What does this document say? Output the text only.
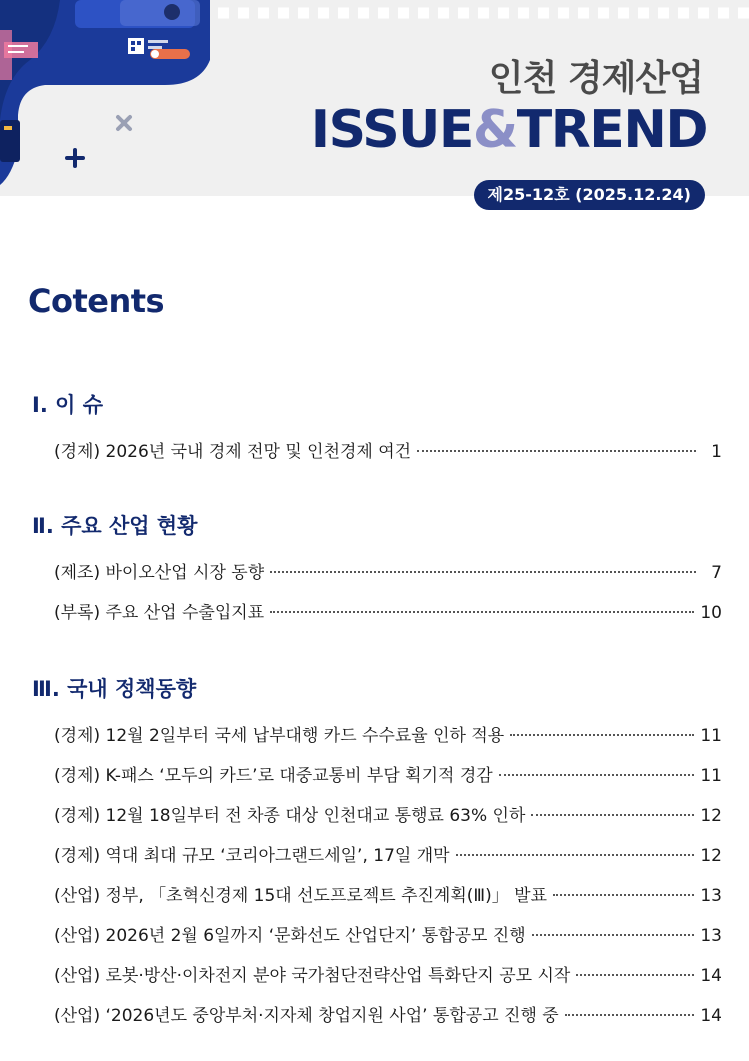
인천 경제산업
ISSUE&TREND
제25-12호 (2025.12.24)
Cotents
Ⅰ. 이 슈
(경제) 2026년 국내 경제 전망 및 인천경제 여건	1
Ⅱ. 주요 산업 현황
(제조) 바이오산업 시장 동향	7
(부록) 주요 산업 수출입지표	10
Ⅲ. 국내 정책동향
(경제) 12월 2일부터 국세 납부대행 카드 수수료율 인하 적용	11
(경제) K-패스 ‘모두의 카드’로 대중교통비 부담 획기적 경감	11
(경제) 12월 18일부터 전 차종 대상 인천대교 통행료 63% 인하	12
(경제) 역대 최대 규모 ‘코리아그랜드세일’, 17일 개막	12
(산업) 정부, 「초혁신경제 15대 선도프로젝트 추진계획(Ⅲ)」 발표	13
(산업) 2026년 2월 6일까지 ‘문화선도 산업단지’ 통합공모 진행	13
(산업) 로봇·방산·이차전지 분야 국가첨단전략산업 특화단지 공모 시작	14
(산업) ‘2026년도 중앙부처·지자체 창업지원 사업’ 통합공고 진행 중	14
